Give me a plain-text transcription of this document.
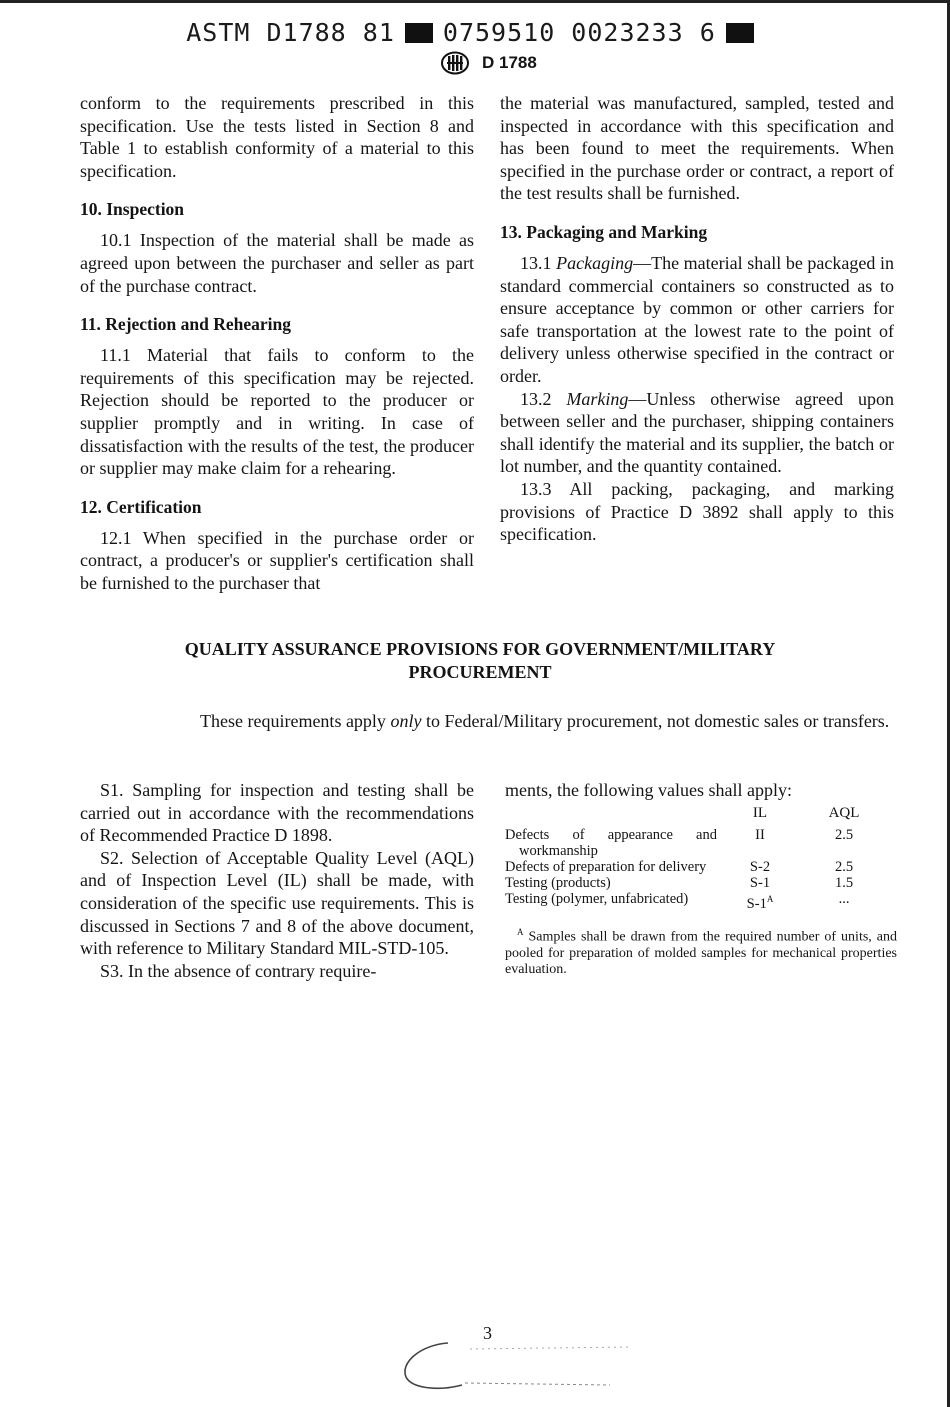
ASTM D1788 81 0759510 0023233 6
D 1788

conform to the requirements prescribed in this specification. Use the tests listed in Section 8 and Table 1 to establish conformity of a material to this specification.

10. Inspection

10.1 Inspection of the material shall be made as agreed upon between the purchaser and seller as part of the purchase contract.

11. Rejection and Rehearing

11.1 Material that fails to conform to the requirements of this specification may be rejected. Rejection should be reported to the producer or supplier promptly and in writing. In case of dissatisfaction with the results of the test, the producer or supplier may make claim for a rehearing.

12. Certification

12.1 When specified in the purchase order or contract, a producer's or supplier's certification shall be furnished to the purchaser that

the material was manufactured, sampled, tested and inspected in accordance with this specification and has been found to meet the requirements. When specified in the purchase order or contract, a report of the test results shall be furnished.

13. Packaging and Marking

13.1 Packaging—The material shall be packaged in standard commercial containers so constructed as to ensure acceptance by common or other carriers for safe transportation at the lowest rate to the point of delivery unless otherwise specified in the contract or order.

13.2 Marking—Unless otherwise agreed upon between seller and the purchaser, shipping containers shall identify the material and its supplier, the batch or lot number, and the quantity contained.

13.3 All packing, packaging, and marking provisions of Practice D 3892 shall apply to this specification.

QUALITY ASSURANCE PROVISIONS FOR GOVERNMENT/MILITARY PROCUREMENT

These requirements apply only to Federal/Military procurement, not domestic sales or transfers.

S1. Sampling for inspection and testing shall be carried out in accordance with the recommendations of Recommended Practice D 1898.

S2. Selection of Acceptable Quality Level (AQL) and of Inspection Level (IL) shall be made, with consideration of the specific use requirements. This is discussed in Sections 7 and 8 of the above document, with reference to Military Standard MIL-STD-105.

S3. In the absence of contrary require-

ments, the following values shall apply:

	IL	AQL

Defects of appearance and workmanship	II	2.5

Defects of preparation for delivery	S-2	2.5

Testing (products)	S-1	1.5

Testing (polymer, unfabricated)	$S-1^A$	...

$^A$ Samples shall be drawn from the required number of units, and pooled for preparation of molded samples for mechanical properties evaluation.

3
